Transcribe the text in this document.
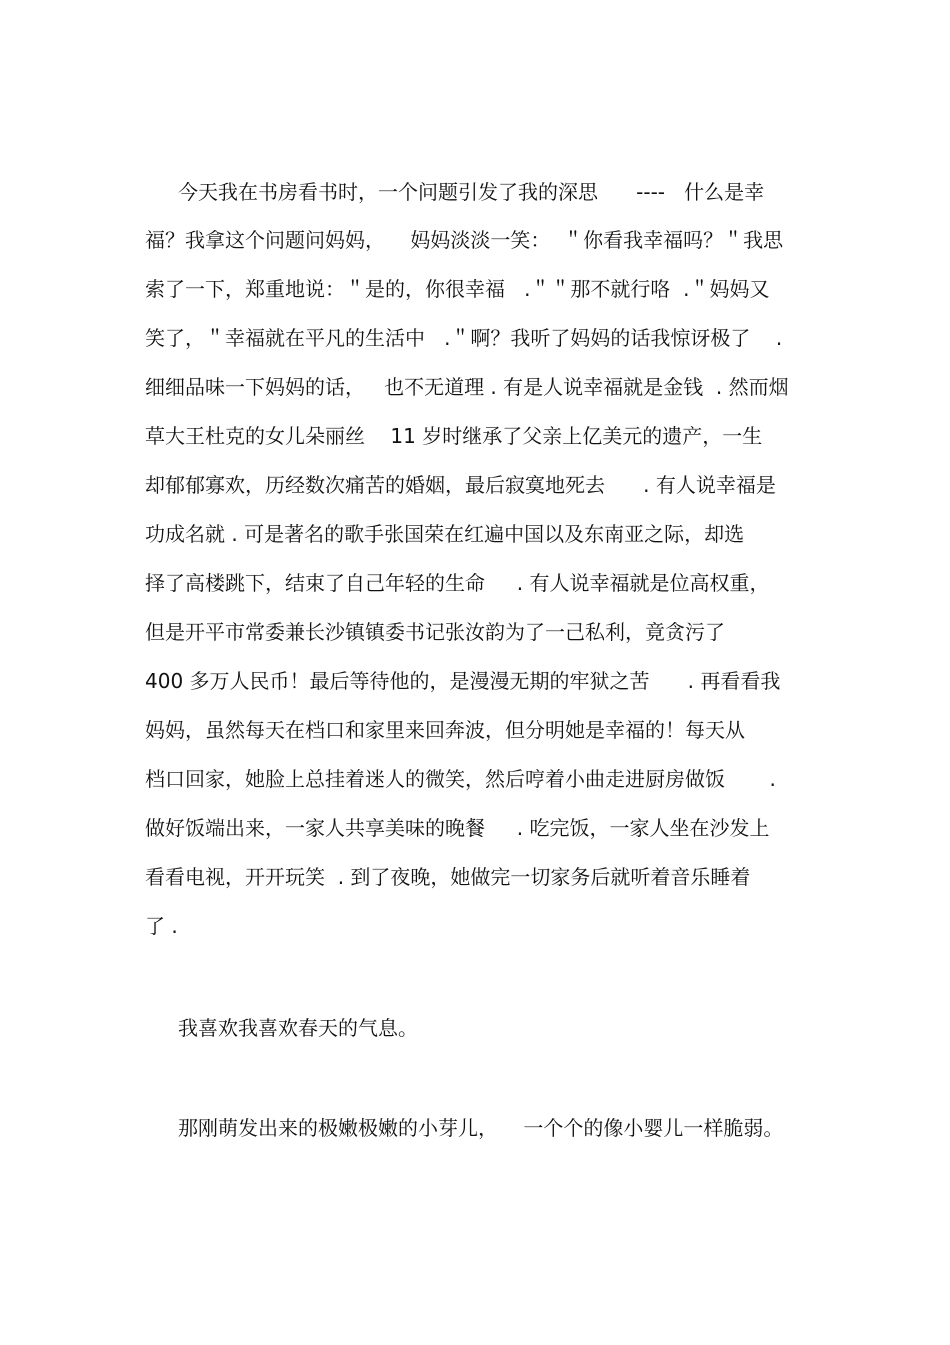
今天我在书房看书时，一个问题引发了我的深思      ----   什么是幸

福？我拿这个问题问妈妈，    妈妈淡淡一笑：  ＂你看我幸福吗？＂我思

索了一下，郑重地说：＂是的，你很幸福   .＂＂那不就行咯  .＂妈妈又

笑了，＂幸福就在平凡的生活中   .＂啊？我听了妈妈的话我惊讶极了    .

细细品味一下妈妈的话，   也不无道理 . 有是人说幸福就是金钱  . 然而烟

草大王杜克的女儿朵丽丝    11 岁时继承了父亲上亿美元的遗产，一生

却郁郁寡欢，历经数次痛苦的婚姻，最后寂寞地死去      . 有人说幸福是

功成名就 . 可是著名的歌手张国荣在红遍中国以及东南亚之际，却选

择了高楼跳下，结束了自己年轻的生命     . 有人说幸福就是位高权重，

但是开平市常委兼长沙镇镇委书记张汝韵为了一己私利，竟贪污了

400 多万人民币！最后等待他的，是漫漫无期的牢狱之苦      . 再看看我

妈妈，虽然每天在档口和家里来回奔波，但分明她是幸福的！每天从

档口回家，她脸上总挂着迷人的微笑，然后哼着小曲走进厨房做饭       .

做好饭端出来，一家人共享美味的晚餐     . 吃完饭，一家人坐在沙发上

看看电视，开开玩笑  . 到了夜晚，她做完一切家务后就听着音乐睡着

了 .

我喜欢我喜欢春天的气息。

那刚萌发出来的极嫩极嫩的小芽儿，    一个个的像小婴儿一样脆弱。
